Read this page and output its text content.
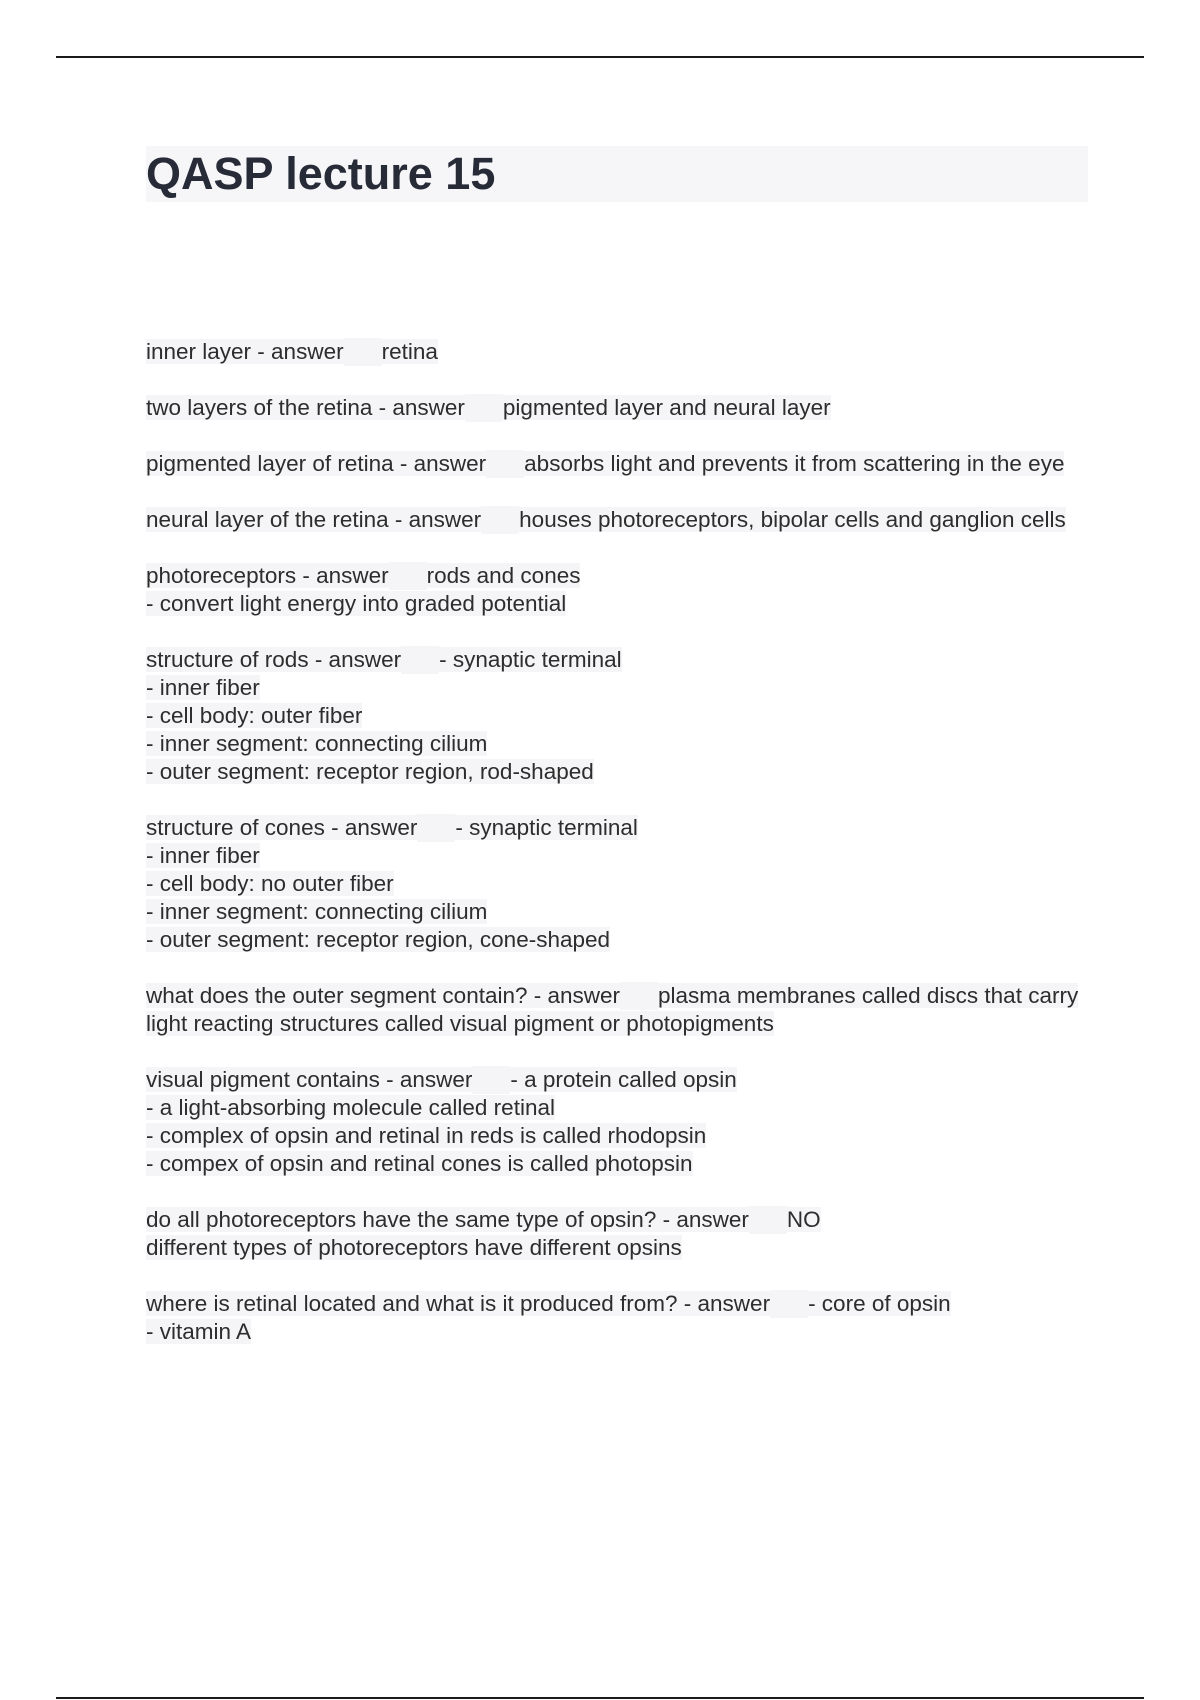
QASP lecture 15
inner layer - answer retina
two layers of the retina - answer pigmented layer and neural layer
pigmented layer of retina - answer absorbs light and prevents it from scattering in the eye
neural layer of the retina - answer houses photoreceptors, bipolar cells and ganglion cells
photoreceptors - answer rods and cones
- convert light energy into graded potential
structure of rods - answer - synaptic terminal
- inner fiber
- cell body: outer fiber
- inner segment: connecting cilium
- outer segment: receptor region, rod-shaped
structure of cones - answer - synaptic terminal
- inner fiber
- cell body: no outer fiber
- inner segment: connecting cilium
- outer segment: receptor region, cone-shaped
what does the outer segment contain? - answer plasma membranes called discs that carry light reacting structures called visual pigment or photopigments
visual pigment contains - answer - a protein called opsin
- a light-absorbing molecule called retinal
- complex of opsin and retinal in reds is called rhodopsin
- compex of opsin and retinal cones is called photopsin
do all photoreceptors have the same type of opsin? - answer NO
different types of photoreceptors have different opsins
where is retinal located and what is it produced from? - answer - core of opsin
- vitamin A
